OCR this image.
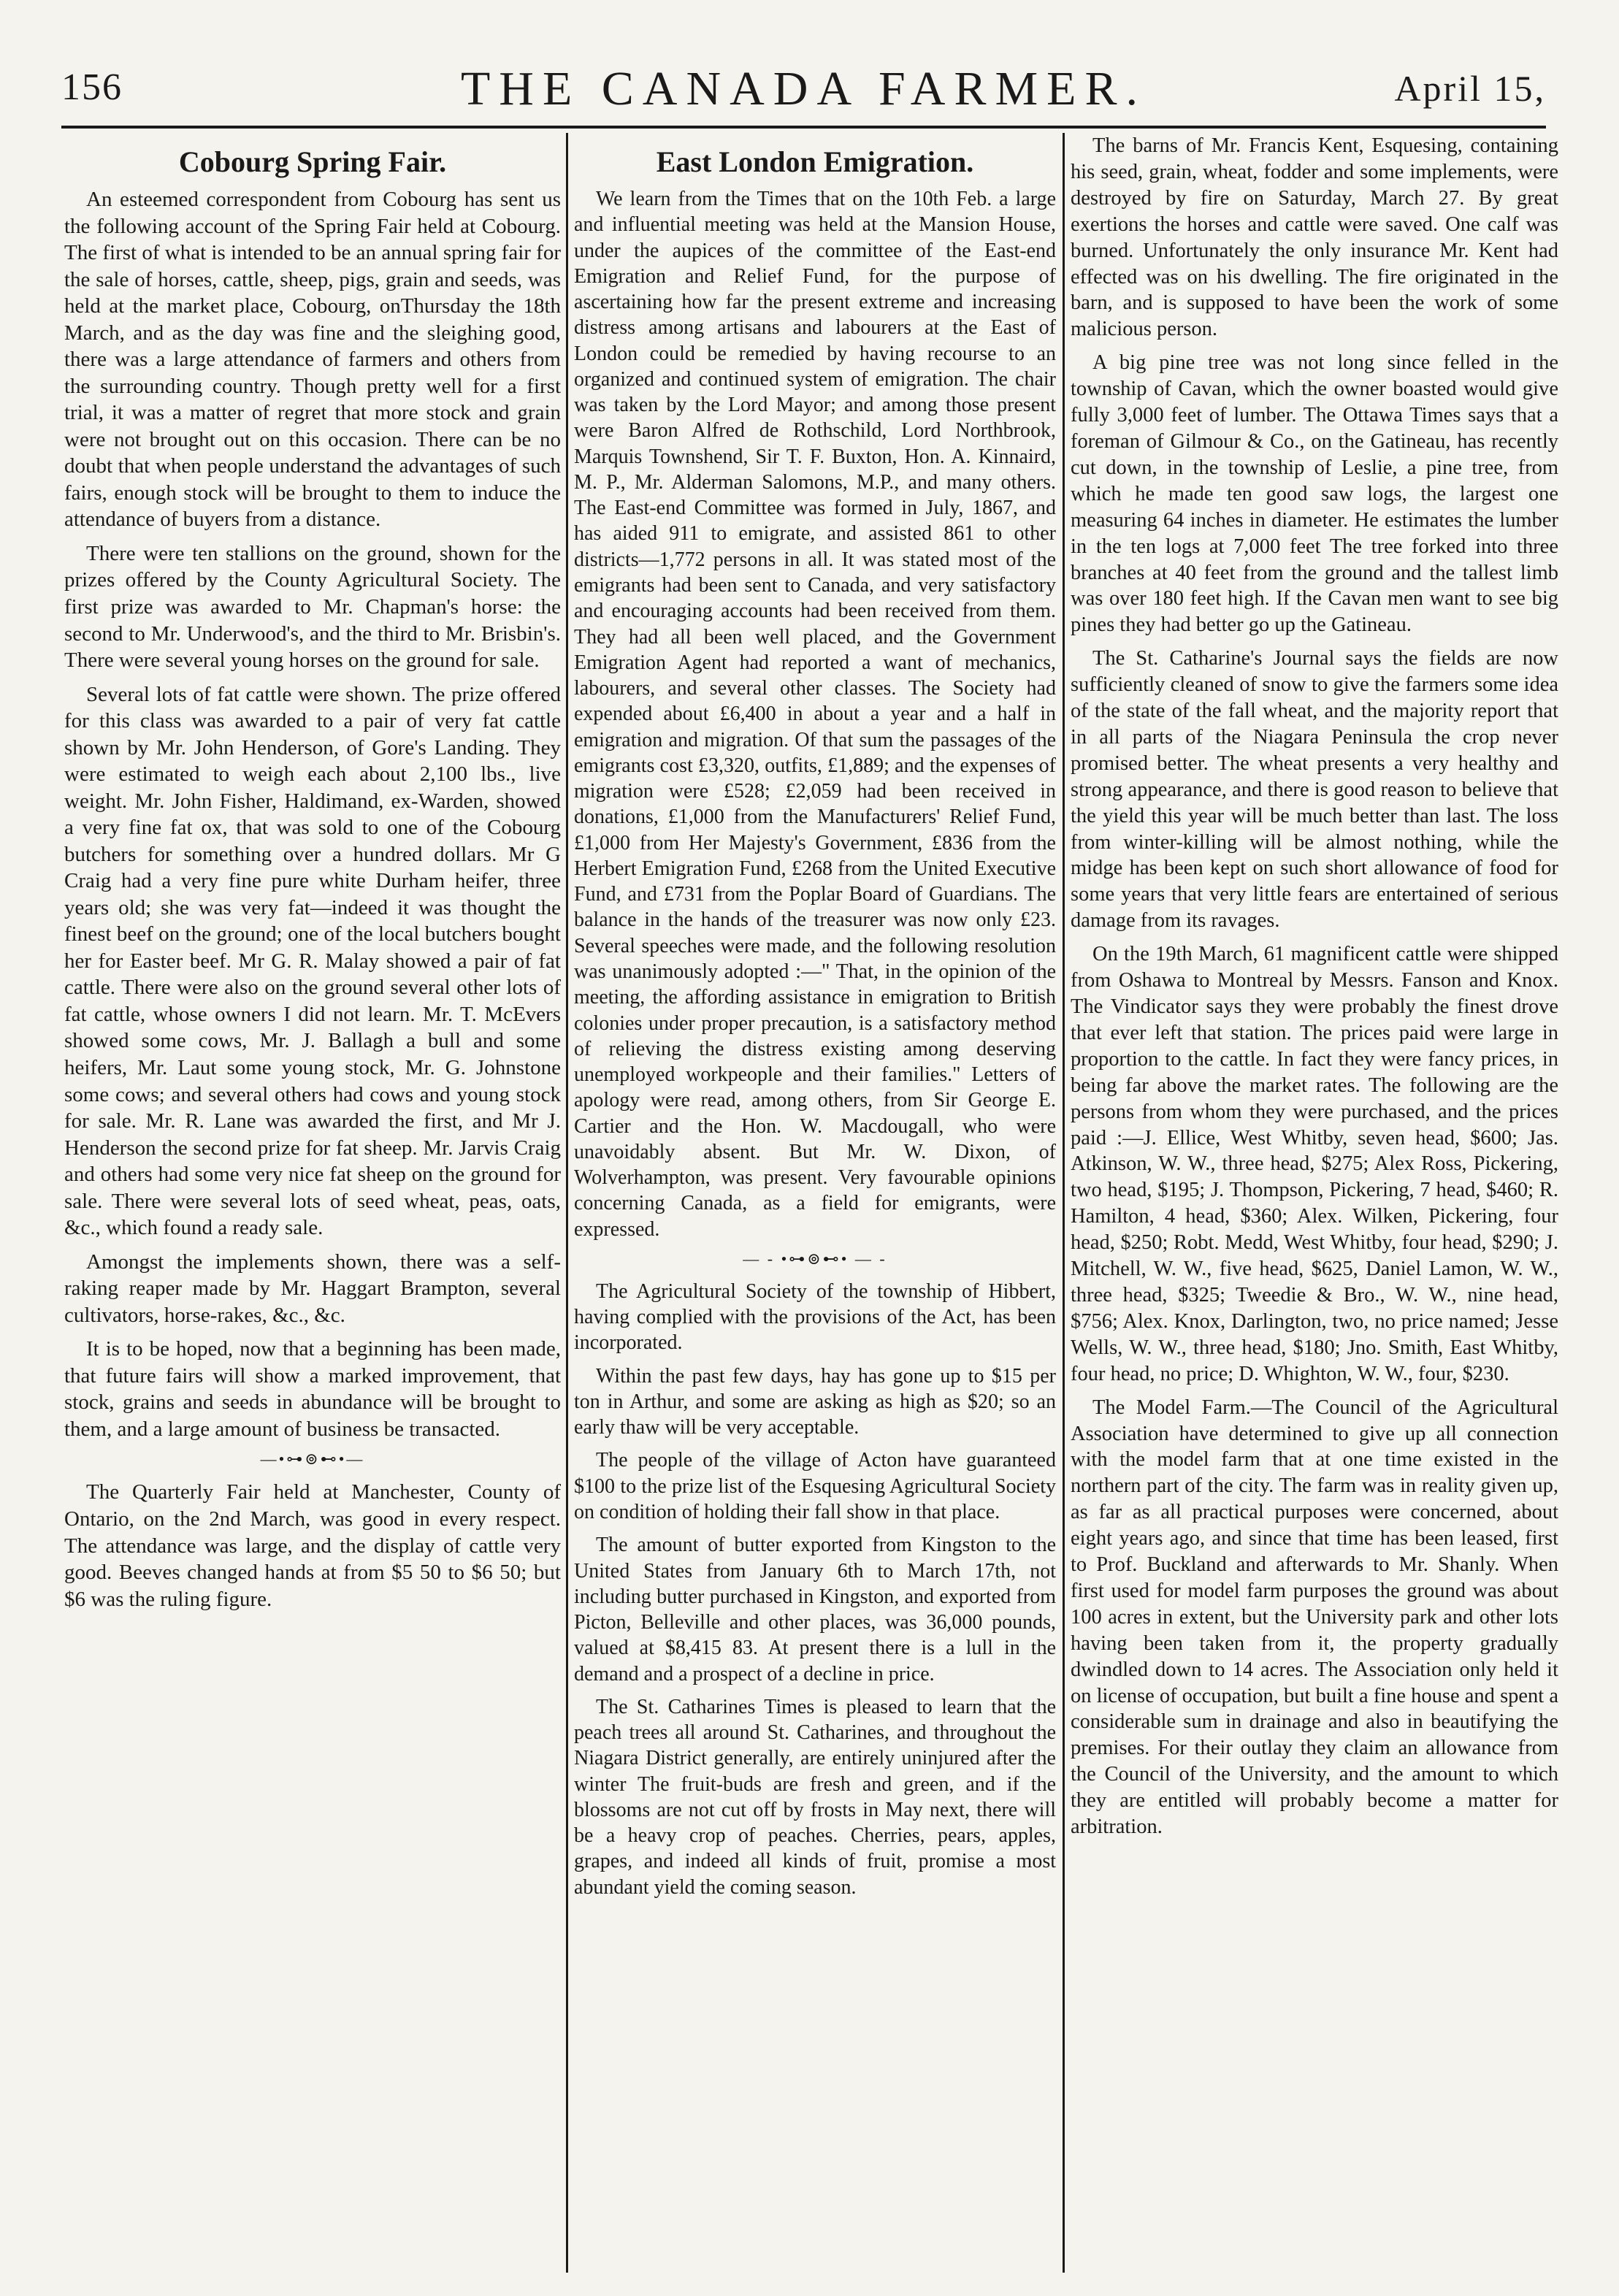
156	THE CANADA FARMER.	April 15,
Cobourg Spring Fair.

An esteemed correspondent from Cobourg has sent us the following account of the Spring Fair held at Cobourg. The first of what is intended to be an annual spring fair for the sale of horses, cattle, sheep, pigs, grain and seeds, was held at the market place, Cobourg, onThursday the 18th March, and as the day was fine and the sleighing good, there was a large attendance of farmers and others from the surrounding country. Though pretty well for a first trial, it was a matter of regret that more stock and grain were not brought out on this occasion. There can be no doubt that when people understand the advantages of such fairs, enough stock will be brought to them to induce the attendance of buyers from a distance.

There were ten stallions on the ground, shown for the prizes offered by the County Agricultural Society. The first prize was awarded to Mr. Chapman's horse: the second to Mr. Underwood's, and the third to Mr. Brisbin's. There were several young horses on the ground for sale.

Several lots of fat cattle were shown. The prize offered for this class was awarded to a pair of very fat cattle shown by Mr. John Henderson, of Gore's Landing. They were estimated to weigh each about 2,100 lbs., live weight. Mr. John Fisher, Haldimand, ex-Warden, showed a very fine fat ox, that was sold to one of the Cobourg butchers for something over a hundred dollars. Mr G Craig had a very fine pure white Durham heifer, three years old; she was very fat—indeed it was thought the finest beef on the ground; one of the local butchers bought her for Easter beef. Mr G. R. Malay showed a pair of fat cattle. There were also on the ground several other lots of fat cattle, whose owners I did not learn. Mr. T. McEvers showed some cows, Mr. J. Ballagh a bull and some heifers, Mr. Laut some young stock, Mr. G. Johnstone some cows; and several others had cows and young stock for sale. Mr. R. Lane was awarded the first, and Mr J. Henderson the second prize for fat sheep. Mr. Jarvis Craig and others had some very nice fat sheep on the ground for sale. There were several lots of seed wheat, peas, oats, &c., which found a ready sale.

Amongst the implements shown, there was a self-raking reaper made by Mr. Haggart Brampton, several cultivators, horse-rakes, &c., &c.

It is to be hoped, now that a beginning has been made, that future fairs will show a marked improvement, that stock, grains and seeds in abundance will be brought to them, and a large amount of business be transacted.

—•⊶⊚⊷•—

The Quarterly Fair held at Manchester, County of Ontario, on the 2nd March, was good in every respect. The attendance was large, and the display of cattle very good. Beeves changed hands at from $5 50 to $6 50; but $6 was the ruling figure.

East London Emigration.

We learn from the Times that on the 10th Feb. a large and influential meeting was held at the Mansion House, under the aupices of the committee of the East-end Emigration and Relief Fund, for the purpose of ascertaining how far the present extreme and increasing distress among artisans and labourers at the East of London could be remedied by having recourse to an organized and continued system of emigration. The chair was taken by the Lord Mayor; and among those present were Baron Alfred de Rothschild, Lord Northbrook, Marquis Townshend, Sir T. F. Buxton, Hon. A. Kinnaird, M. P., Mr. Alderman Salomons, M.P., and many others. The East-end Committee was formed in July, 1867, and has aided 911 to emigrate, and assisted 861 to other districts—1,772 persons in all. It was stated most of the emigrants had been sent to Canada, and very satisfactory and encouraging accounts had been received from them. They had all been well placed, and the Government Emigration Agent had reported a want of mechanics, labourers, and several other classes. The Society had expended about £6,400 in about a year and a half in emigration and migration. Of that sum the passages of the emigrants cost £3,320, outfits, £1,889; and the expenses of migration were £528; £2,059 had been received in donations, £1,000 from the Manufacturers' Relief Fund, £1,000 from Her Majesty's Government, £836 from the Herbert Emigration Fund, £268 from the United Executive Fund, and £731 from the Poplar Board of Guardians. The balance in the hands of the treasurer was now only £23. Several speeches were made, and the following resolution was unanimously adopted :—" That, in the opinion of the meeting, the affording assistance in emigration to British colonies under proper precaution, is a satisfactory method of relieving the distress existing among deserving unemployed workpeople and their families." Letters of apology were read, among others, from Sir George E. Cartier and the Hon. W. Macdougall, who were unavoidably absent. But Mr. W. Dixon, of Wolverhampton, was present. Very favourable opinions concerning Canada, as a field for emigrants, were expressed.

— - •⊶⊚⊷• — -

The Agricultural Society of the township of Hibbert, having complied with the provisions of the Act, has been incorporated.

Within the past few days, hay has gone up to $15 per ton in Arthur, and some are asking as high as $20; so an early thaw will be very acceptable.

The people of the village of Acton have guaranteed $100 to the prize list of the Esquesing Agricultural Society on condition of holding their fall show in that place.

The amount of butter exported from Kingston to the United States from January 6th to March 17th, not including butter purchased in Kingston, and exported from Picton, Belleville and other places, was 36,000 pounds, valued at $8,415 83. At present there is a lull in the demand and a prospect of a decline in price.

The St. Catharines Times is pleased to learn that the peach trees all around St. Catharines, and throughout the Niagara District generally, are entirely uninjured after the winter The fruit-buds are fresh and green, and if the blossoms are not cut off by frosts in May next, there will be a heavy crop of peaches. Cherries, pears, apples, grapes, and indeed all kinds of fruit, promise a most abundant yield the coming season.

The barns of Mr. Francis Kent, Esquesing, containing his seed, grain, wheat, fodder and some implements, were destroyed by fire on Saturday, March 27. By great exertions the horses and cattle were saved. One calf was burned. Unfortunately the only insurance Mr. Kent had effected was on his dwelling. The fire originated in the barn, and is supposed to have been the work of some malicious person.

A big pine tree was not long since felled in the township of Cavan, which the owner boasted would give fully 3,000 feet of lumber. The Ottawa Times says that a foreman of Gilmour & Co., on the Gatineau, has recently cut down, in the township of Leslie, a pine tree, from which he made ten good saw logs, the largest one measuring 64 inches in diameter. He estimates the lumber in the ten logs at 7,000 feet The tree forked into three branches at 40 feet from the ground and the tallest limb was over 180 feet high. If the Cavan men want to see big pines they had better go up the Gatineau.

The St. Catharine's Journal says the fields are now sufficiently cleaned of snow to give the farmers some idea of the state of the fall wheat, and the majority report that in all parts of the Niagara Peninsula the crop never promised better. The wheat presents a very healthy and strong appearance, and there is good reason to believe that the yield this year will be much better than last. The loss from winter-killing will be almost nothing, while the midge has been kept on such short allowance of food for some years that very little fears are entertained of serious damage from its ravages.

On the 19th March, 61 magnificent cattle were shipped from Oshawa to Montreal by Messrs. Fanson and Knox. The Vindicator says they were probably the finest drove that ever left that station. The prices paid were large in proportion to the cattle. In fact they were fancy prices, in being far above the market rates. The following are the persons from whom they were purchased, and the prices paid :—J. Ellice, West Whitby, seven head, $600; Jas. Atkinson, W. W., three head, $275; Alex Ross, Pickering, two head, $195; J. Thompson, Pickering, 7 head, $460; R. Hamilton, 4 head, $360; Alex. Wilken, Pickering, four head, $250; Robt. Medd, West Whitby, four head, $290; J. Mitchell, W. W., five head, $625, Daniel Lamon, W. W., three head, $325; Tweedie & Bro., W. W., nine head, $756; Alex. Knox, Darlington, two, no price named; Jesse Wells, W. W., three head, $180; Jno. Smith, East Whitby, four head, no price; D. Whighton, W. W., four, $230.

The Model Farm.—The Council of the Agricultural Association have determined to give up all connection with the model farm that at one time existed in the northern part of the city. The farm was in reality given up, as far as all practical purposes were concerned, about eight years ago, and since that time has been leased, first to Prof. Buckland and afterwards to Mr. Shanly. When first used for model farm purposes the ground was about 100 acres in extent, but the University park and other lots having been taken from it, the property gradually dwindled down to 14 acres. The Association only held it on license of occupation, but built a fine house and spent a considerable sum in drainage and also in beautifying the premises. For their outlay they claim an allowance from the Council of the University, and the amount to which they are entitled will probably become a matter for arbitration.
